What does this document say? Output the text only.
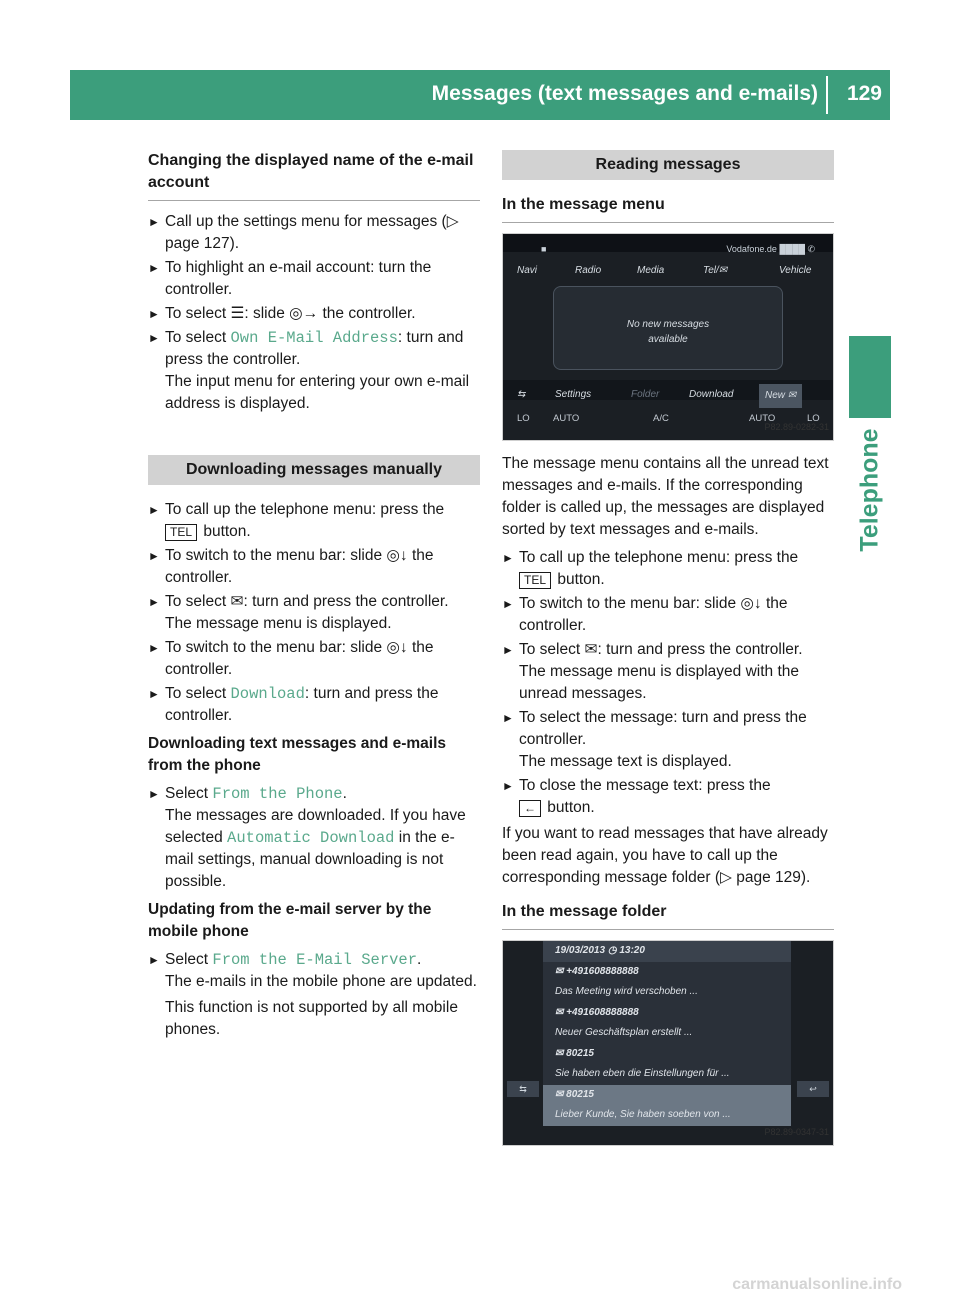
Messages (text messages and e-mails) 129
Telephone
Changing the displayed name of the e-mail account
► Call up the settings menu for messages (▷ page 127).
► To highlight an e-mail account: turn the controller.
► To select ☰: slide ◎→ the controller.
► To select Own E-Mail Address: turn and press the controller.
The input menu for entering your own e-mail address is displayed.
Downloading messages manually
► To call up the telephone menu: press the
TEL button.
► To switch to the menu bar: slide ◎↓ the controller.
► To select ✉: turn and press the controller.
The message menu is displayed.
► To switch to the menu bar: slide ◎↓ the controller.
► To select Download: turn and press the controller.
Downloading text messages and e-mails from the phone
► Select From the Phone.
The messages are downloaded. If you have selected Automatic Download in the e-mail settings, manual downloading is not possible.
Updating from the e-mail server by the mobile phone
► Select From the E-Mail Server.
The e-mails in the mobile phone are updated.
This function is not supported by all mobile phones.
Reading messages
In the message menu
■	Vodafone.de ████ ✆
Navi	Radio	Media	Tel/✉	Vehicle
No new messages
available
⇆	Settings	Folder	Download	New ✉
LO AUTO	A/C	AUTO	LO
P82.89-0282-31
The message menu contains all the unread text messages and e-mails. If the corresponding folder is called up, the messages are displayed sorted by text messages and e-mails.
► To call up the telephone menu: press the
TEL button.
► To switch to the menu bar: slide ◎↓ the controller.
► To select ✉: turn and press the controller.
The message menu is displayed with the unread messages.
► To select the message: turn and press the controller.
The message text is displayed.
► To close the message text: press the
← button.
If you want to read messages that have already been read again, you have to call up the corresponding message folder (▷ page 129).
In the message folder
19/03/2013 ◷ 13:20
✉ +491608888888
Das Meeting wird verschoben ...
✉ +491608888888
Neuer Geschäftsplan erstellt ...
✉ 80215
Sie haben eben die Einstellungen für ...
✉ 80215
Lieber Kunde, Sie haben soeben von ...
⇆	↩
P82.89-0347-31
carmanualsonline.info
